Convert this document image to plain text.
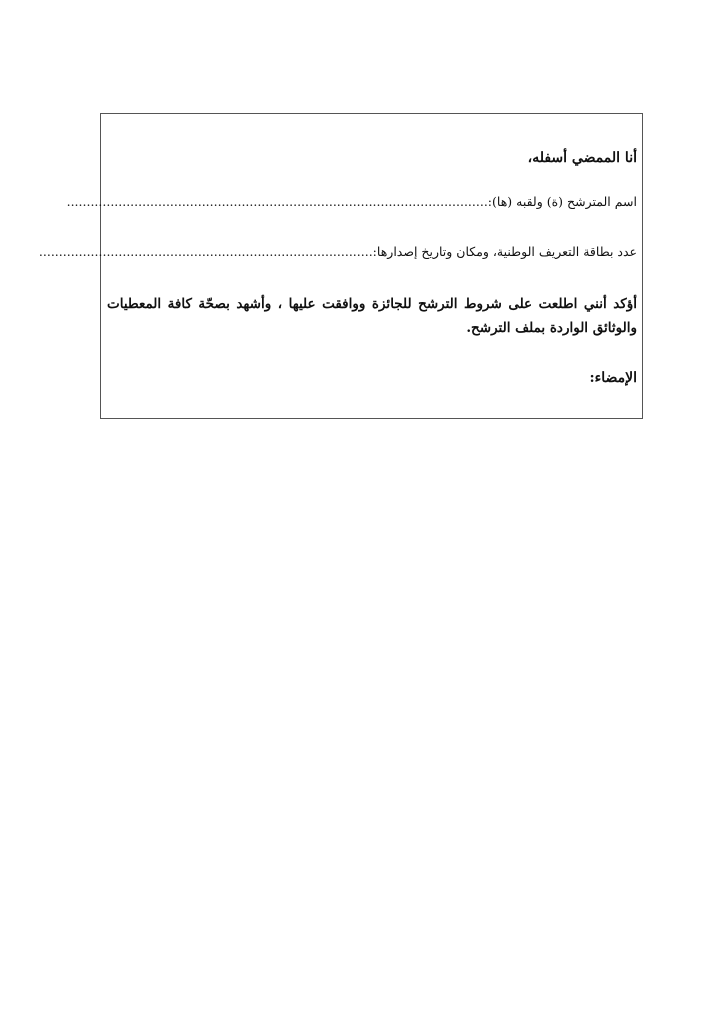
أنا الممضي أسفله،
اسم المترشح (ة) ولقبه (ها):..........................................................................................................
عدد بطاقة التعريف الوطنية، ومكان وتاريخ إصدارها:....................................................................................
أؤكد أنني اطلعت على شروط الترشح للجائزة ووافقت عليها ، وأشهد بصحّة كافة المعطيات والوثائق الواردة بملف الترشح.
الإمضاء:
